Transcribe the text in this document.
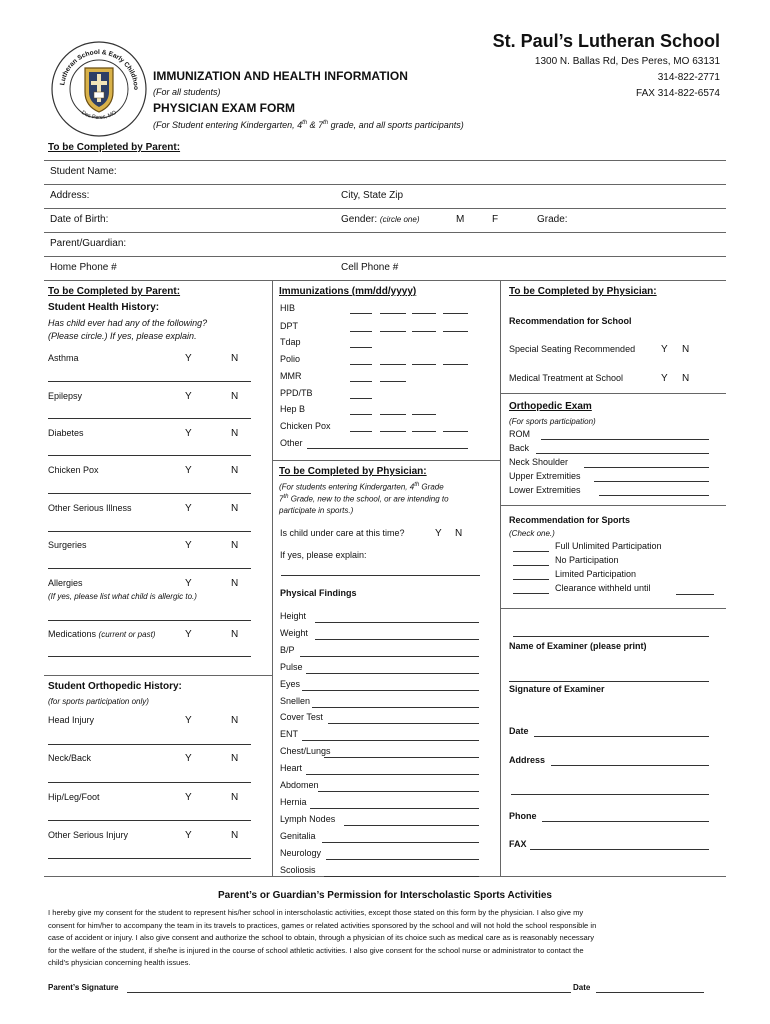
Lutheran School & Early Childhoo
Des Peres, MO
St. Paul’s Lutheran School
1300 N. Ballas Rd, Des Peres, MO 63131
314-822-2771
FAX 314-822-6574
IMMUNIZATION AND HEALTH INFORMATION
(For all students)
PHYSICIAN EXAM FORM
(For Student entering Kindergarten, 4th & 7th grade, and all sports participants)
To be Completed by Parent:
Student Name:
Address:	City, State Zip
Date of Birth:	Gender: (circle one)	M	F	Grade:
Parent/Guardian:
Home Phone #	Cell Phone #
To be Completed by Parent:
Student Health History:
Has child ever had any of the following?
(Please circle.) If yes, please explain.
Asthma	Y	N
Epilepsy	Y	N
Diabetes	Y	N
Chicken Pox	Y	N
Other Serious Illness	Y	N
Surgeries	Y	N
Allergies	Y	N
(If yes, please list what child is allergic to.)
Medications (current or past)	Y	N
Student Orthopedic History:
(for sports participation only)
Head Injury	Y	N
Neck/Back	Y	N
Hip/Leg/Foot	Y	N
Other Serious Injury	Y	N
Immunizations (mm/dd/yyyy)
HIB
DPT
Tdap
Polio
MMR
PPD/TB
Hep B
Chicken Pox
Other
To be Completed by Physician:
(For students entering Kindergarten, 4th Grade
7th Grade, new to the school, or are intending to
participate in sports.)
Is child under care at this time?	Y N
If yes, please explain:
Physical Findings
Height
Weight
B/P
Pulse
Eyes
Snellen
Cover Test
ENT
Chest/Lungs
Heart
Abdomen
Hernia
Lymph Nodes
Genitalia
Neurology
Scoliosis
To be Completed by Physician:
Recommendation for School
Special Seating Recommended	Y N
Medical Treatment at School	Y N
Orthopedic Exam
(For sports participation)
ROM
Back
Neck Shoulder
Upper Extremities
Lower Extremities
Recommendation for Sports
(Check one.)
Full Unlimited Participation
No Participation
Limited Participation
Clearance withheld until
Name of Examiner (please print)
Signature of Examiner
Date
Address
Phone
FAX
Parent’s or Guardian’s Permission for Interscholastic Sports Activities
I hereby give my consent for the student to represent his/her school in interscholastic activities, except those stated on this form by the physician. I also give my
consent for him/her to accompany the team in its travels to practices, games or related activities sponsored by the school and will not hold the school responsible in
case of accident or injury. I also give consent and authorize the school to obtain, through a physician of its choice such as medical care as is reasonably necessary
for the welfare of the student, if she/he is injured in the course of school athletic activities. I also give consent for the school nurse or administrator to contact the
child’s physician concerning health issues.
Parent’s Signature	Date
